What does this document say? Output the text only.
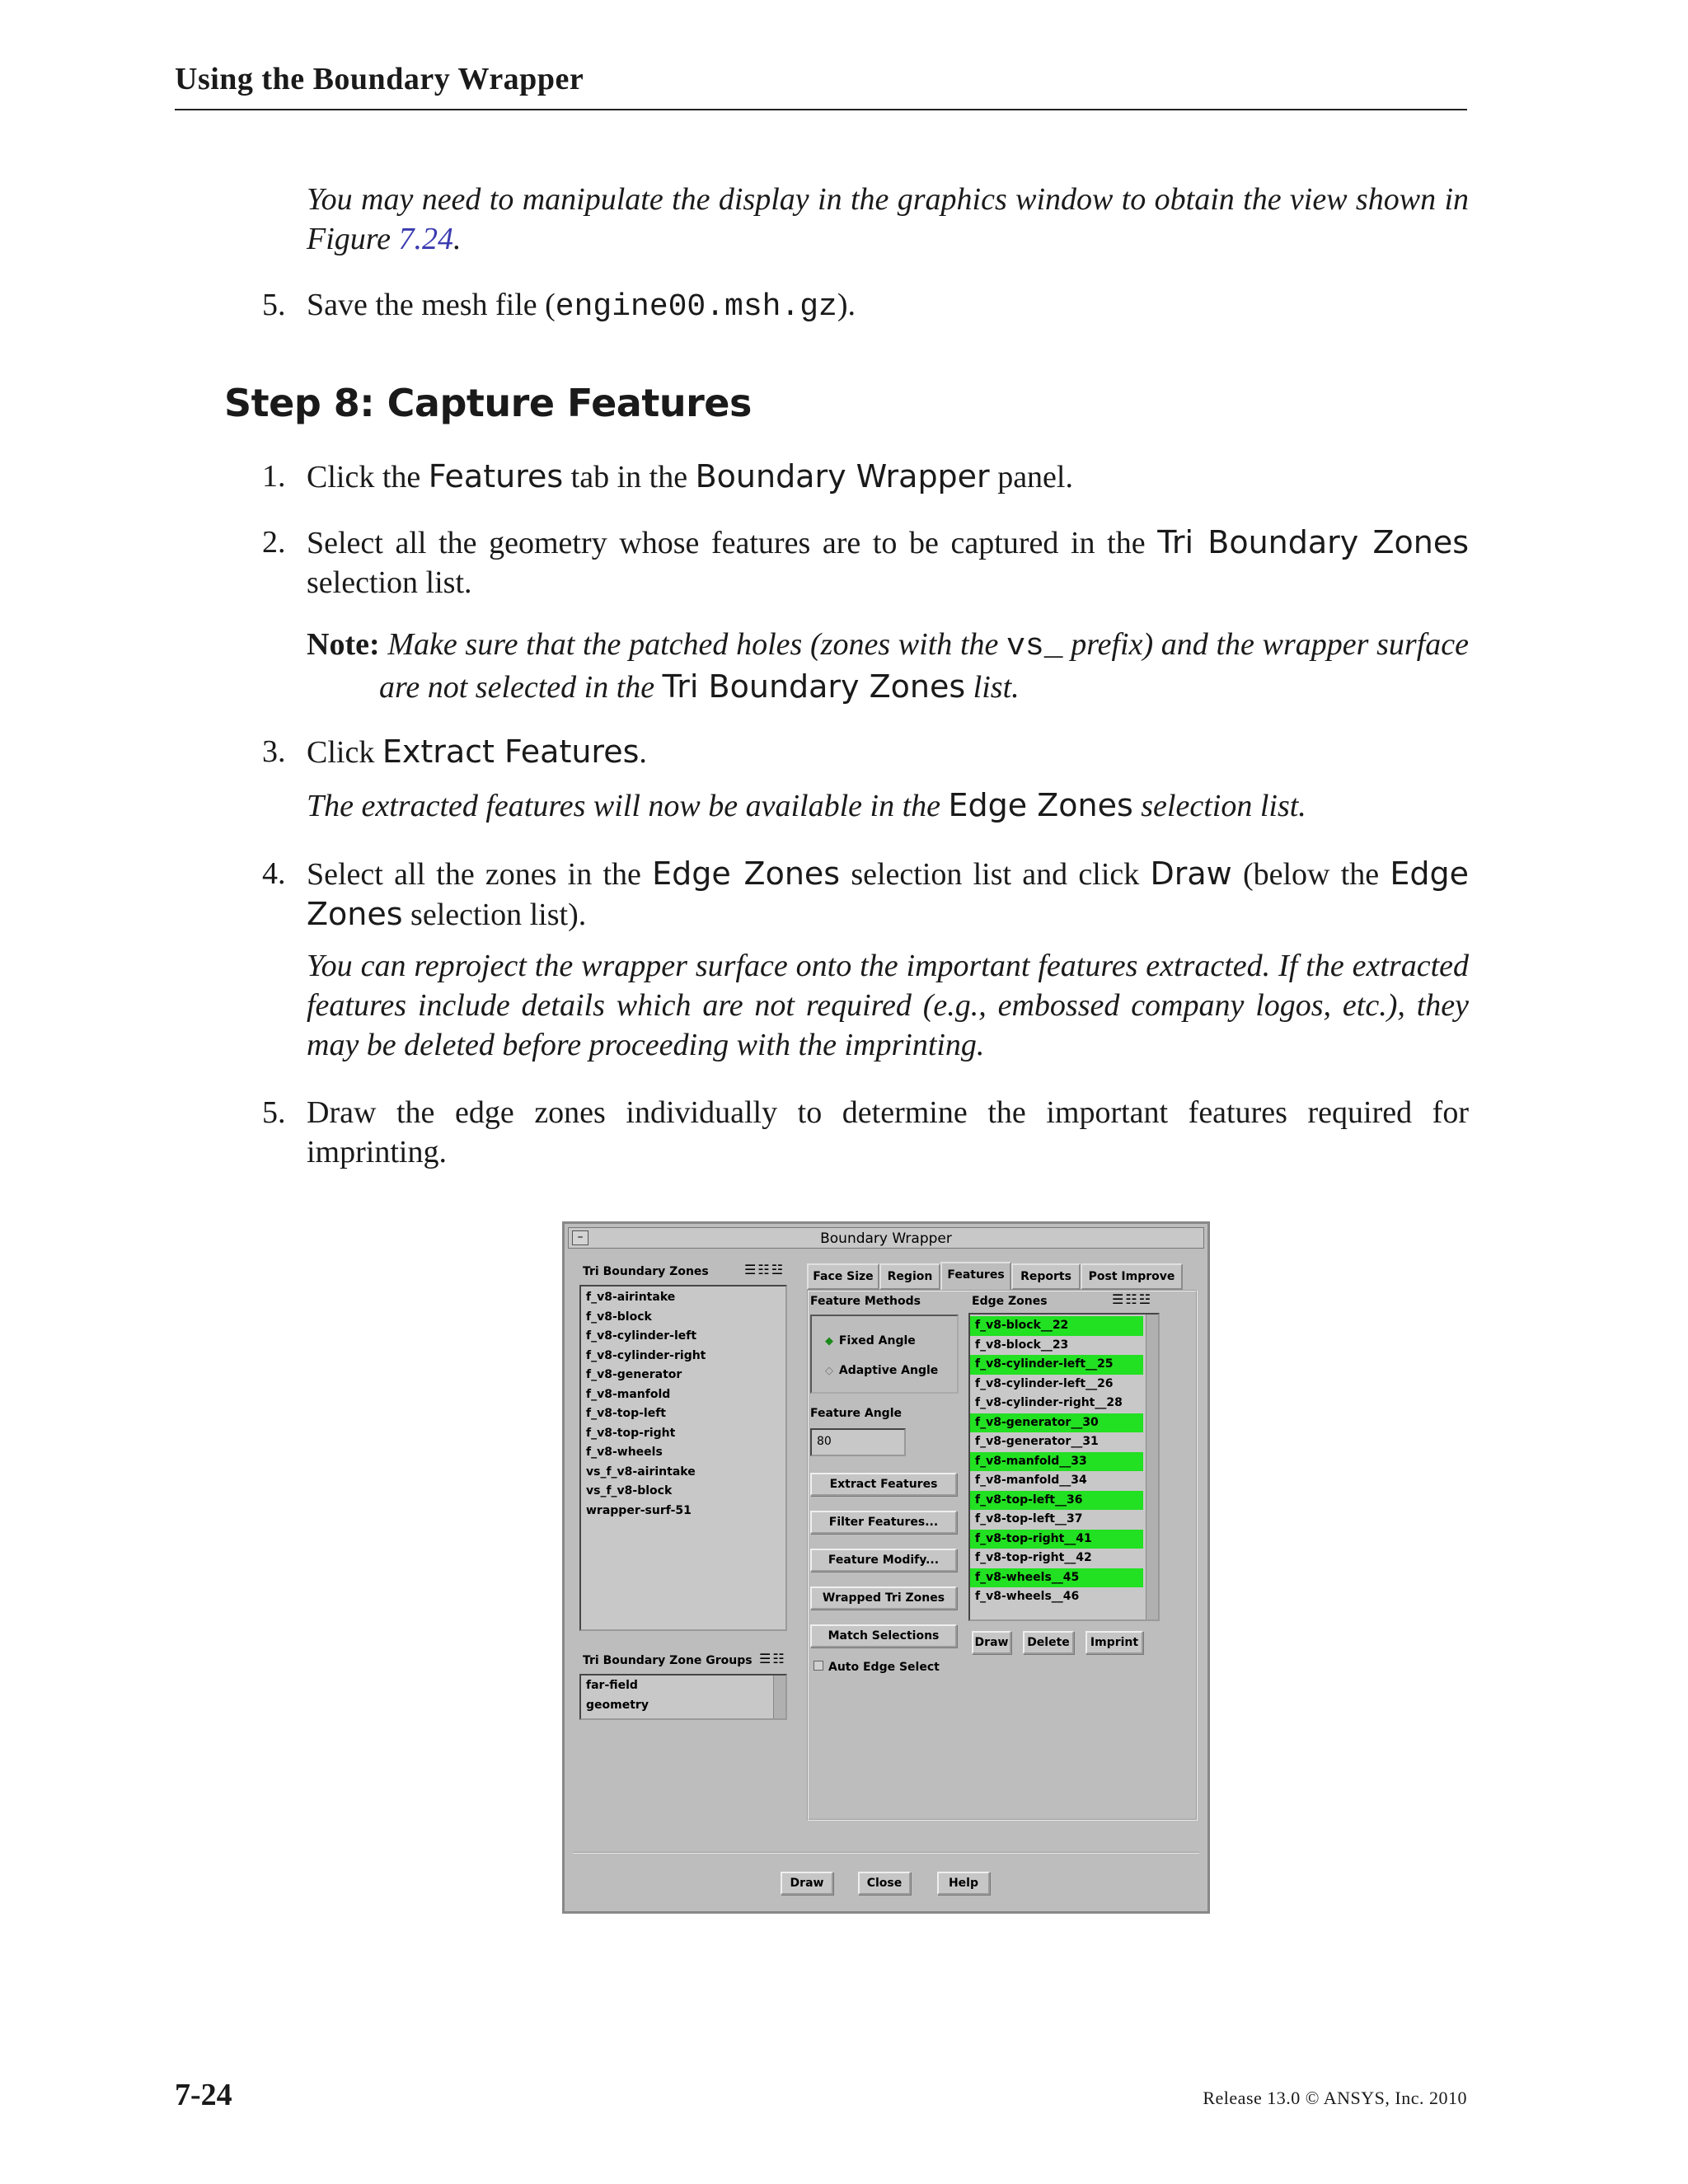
Using the Boundary Wrapper
You may need to manipulate the display in the graphics window to obtain the view shown in Figure 7.24.
5. Save the mesh file (engine00.msh.gz).
Step 8: Capture Features
1. Click the Features tab in the Boundary Wrapper panel.
2. Select all the geometry whose features are to be captured in the Tri Boundary Zones selection list.
Note: Make sure that the patched holes (zones with the vs_ prefix) and the wrapper surface are not selected in the Tri Boundary Zones list.
3. Click Extract Features.
The extracted features will now be available in the Edge Zones selection list.
4. Select all the zones in the Edge Zones selection list and click Draw (below the Edge Zones selection list).
You can reproject the wrapper surface onto the important features extracted. If the extracted features include details which are not required (e.g., embossed company logos, etc.), they may be deleted before proceeding with the imprinting.
5. Draw the edge zones individually to determine the important features required for imprinting.
–	Boundary Wrapper
Tri Boundary Zones	☰☷☳
f_v8-airintake
f_v8-block
f_v8-cylinder-left
f_v8-cylinder-right
f_v8-generator
f_v8-manfold
f_v8-top-left
f_v8-top-right
f_v8-wheels
vs_f_v8-airintake
vs_f_v8-block
wrapper-surf-51
Tri Boundary Zone Groups ☰☷
far-field
geometry
Face Size	Region	Features	Reports	Post Improve
Feature Methods
◆ Fixed Angle
◇ Adaptive Angle
Feature Angle
80
Extract Features
Filter Features...
Feature Modify...
Wrapped Tri Zones
Match Selections
Auto Edge Select
Edge Zones	☰☷☳
f_v8-block__22
f_v8-block__23
f_v8-cylinder-left__25
f_v8-cylinder-left__26
f_v8-cylinder-right__28
f_v8-generator__30
f_v8-generator__31
f_v8-manfold__33
f_v8-manfold__34
f_v8-top-left__36
f_v8-top-left__37
f_v8-top-right__41
f_v8-top-right__42
f_v8-wheels__45
f_v8-wheels__46
Draw	Delete	Imprint
Draw	Close	Help
7-24	Release 13.0 © ANSYS, Inc. 2010
